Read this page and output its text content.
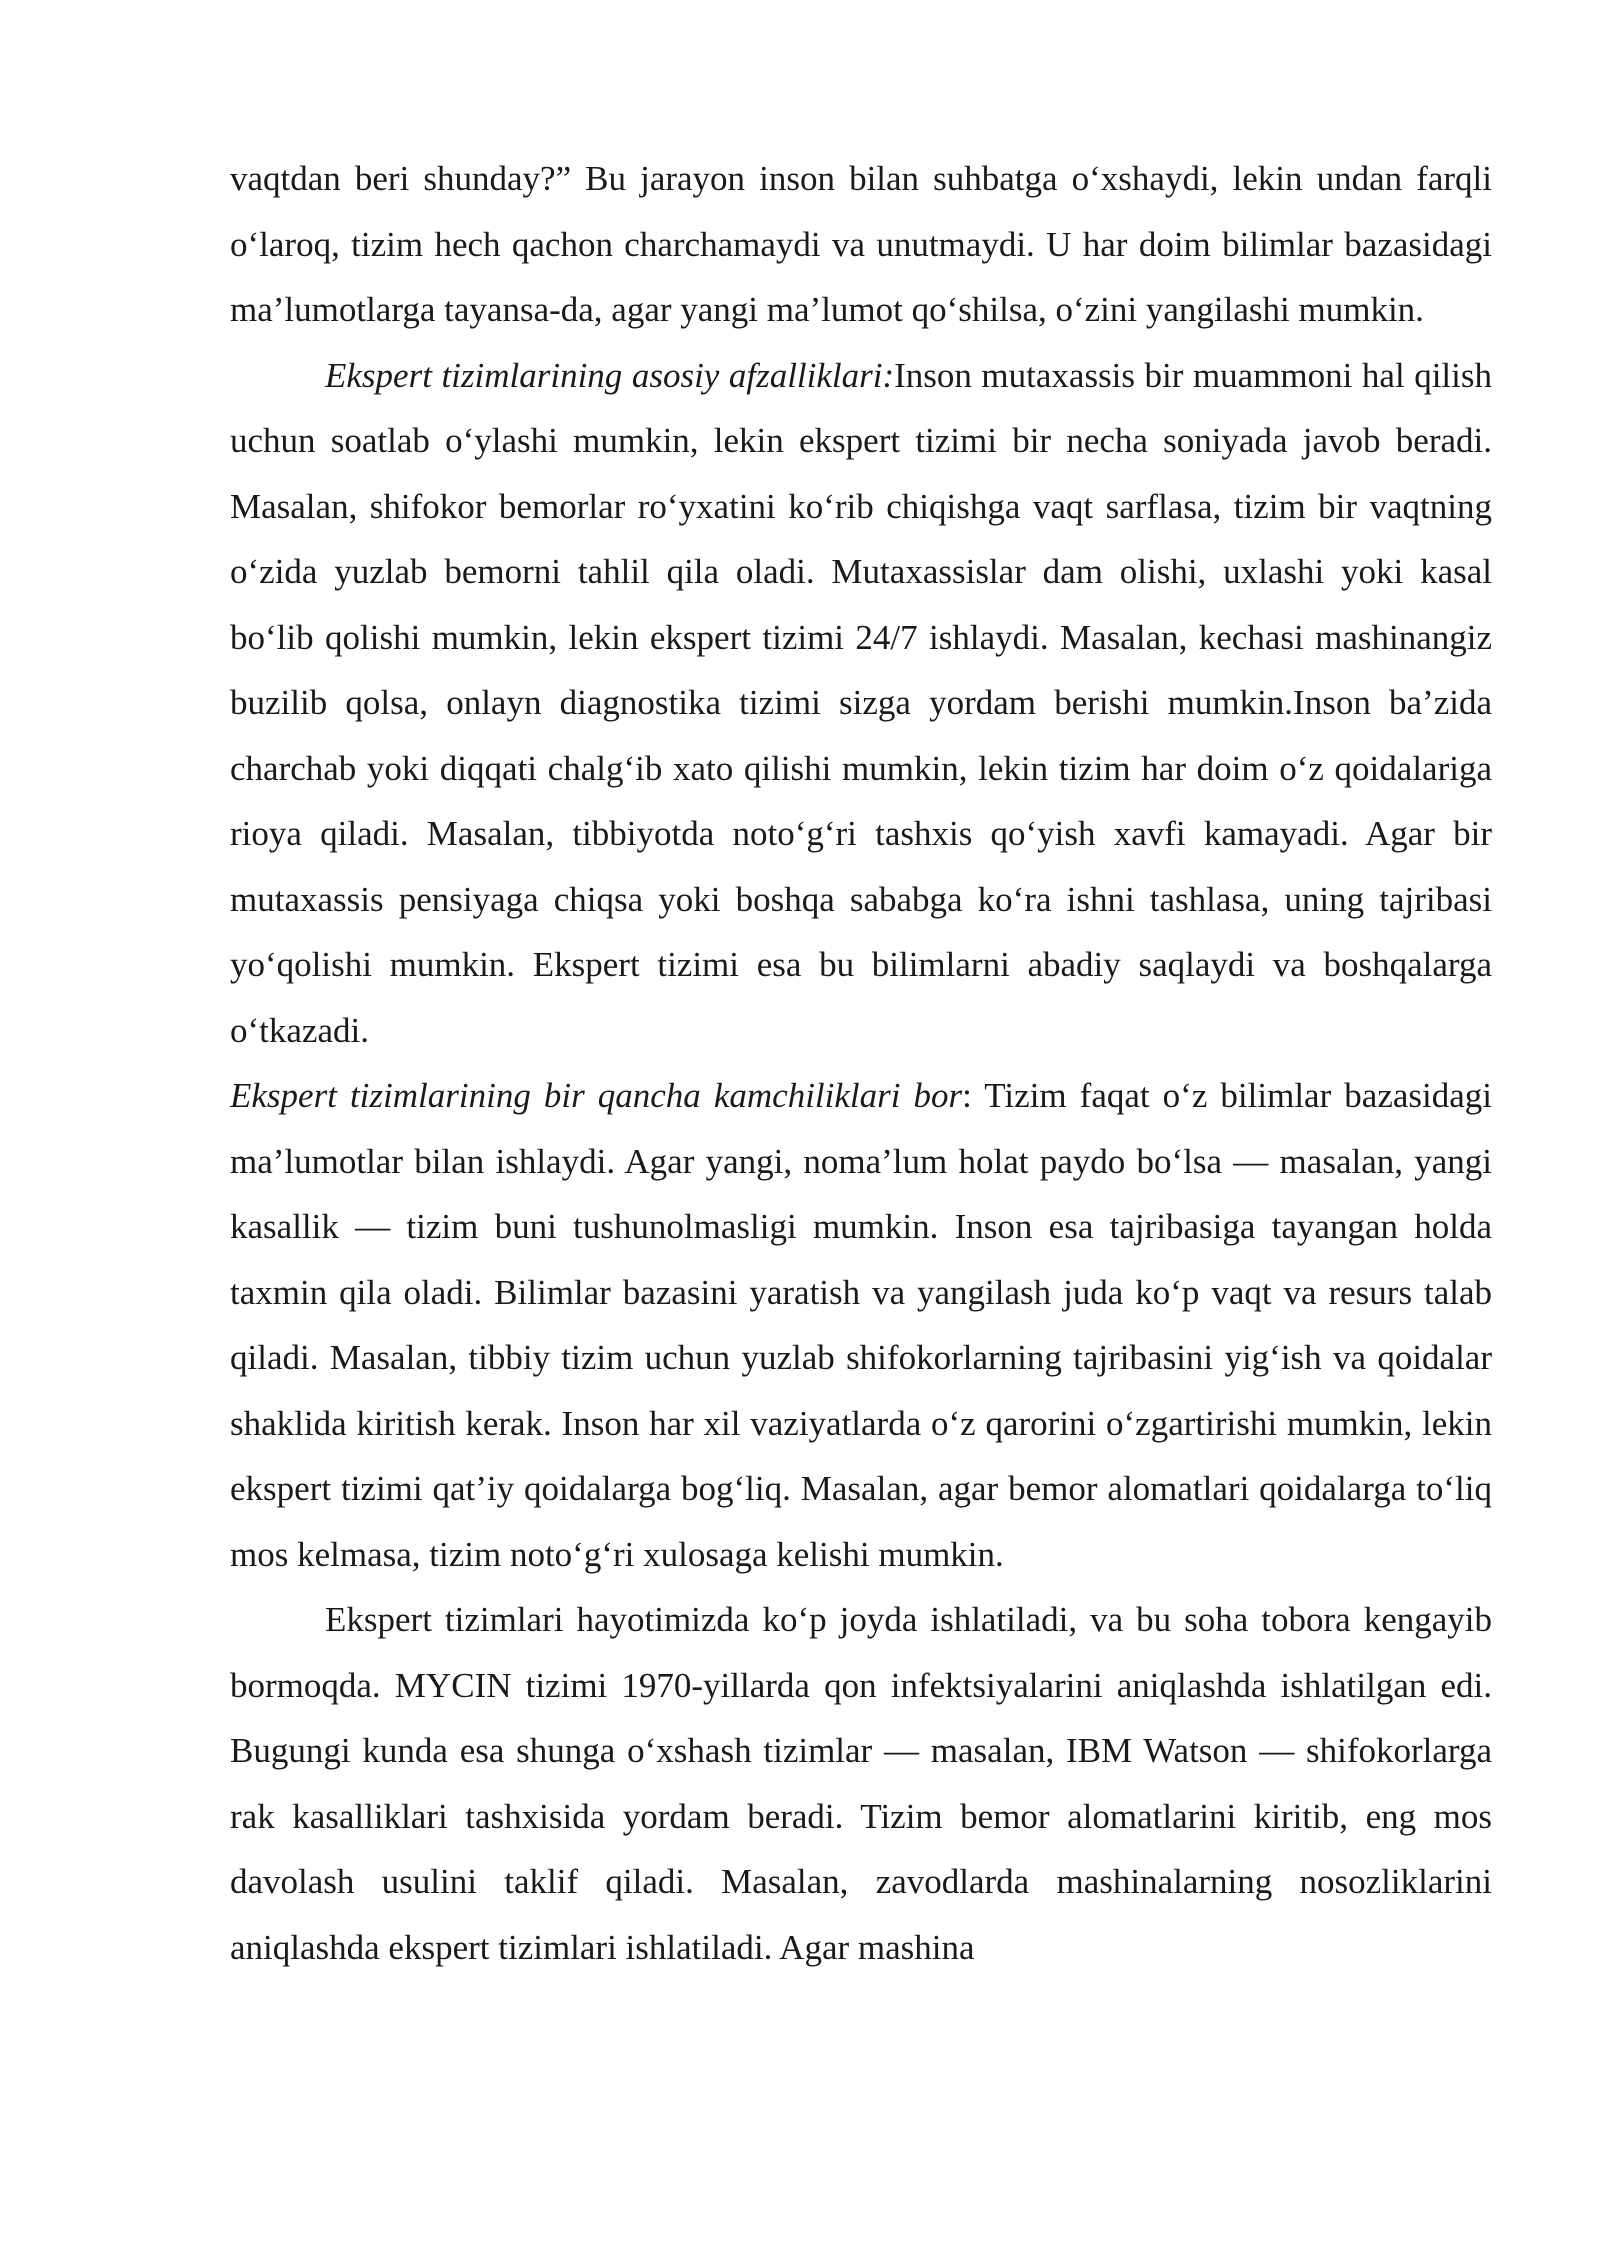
vaqtdan beri shunday?” Bu jarayon inson bilan suhbatga o‘xshaydi, lekin undan farqli o‘laroq, tizim hech qachon charchamaydi va unutmaydi. U har doim bilimlar bazasidagi ma’lumotlarga tayansa-da, agar yangi ma’lumot qo‘shilsa, o‘zini yangilashi mumkin.

Ekspert tizimlarining asosiy afzalliklari:Inson mutaxassis bir muammoni hal qilish uchun soatlab o‘ylashi mumkin, lekin ekspert tizimi bir necha soniyada javob beradi. Masalan, shifokor bemorlar ro‘yxatini ko‘rib chiqishga vaqt sarflasa, tizim bir vaqtning o‘zida yuzlab bemorni tahlil qila oladi. Mutaxassislar dam olishi, uxlashi yoki kasal bo‘lib qolishi mumkin, lekin ekspert tizimi 24/7 ishlaydi. Masalan, kechasi mashinangiz buzilib qolsa, onlayn diagnostika tizimi sizga yordam berishi mumkin.Inson ba’zida charchab yoki diqqati chalg‘ib xato qilishi mumkin, lekin tizim har doim o‘z qoidalariga rioya qiladi. Masalan, tibbiyotda noto‘g‘ri tashxis qo‘yish xavfi kamayadi. Agar bir mutaxassis pensiyaga chiqsa yoki boshqa sababga ko‘ra ishni tashlasa, uning tajribasi yo‘qolishi mumkin. Ekspert tizimi esa bu bilimlarni abadiy saqlaydi va boshqalarga o‘tkazadi.

Ekspert tizimlarining bir qancha kamchiliklari bor: Tizim faqat o‘z bilimlar bazasidagi ma’lumotlar bilan ishlaydi. Agar yangi, noma’lum holat paydo bo‘lsa — masalan, yangi kasallik — tizim buni tushunolmasligi mumkin. Inson esa tajribasiga tayangan holda taxmin qila oladi. Bilimlar bazasini yaratish va yangilash juda ko‘p vaqt va resurs talab qiladi. Masalan, tibbiy tizim uchun yuzlab shifokorlarning tajribasini yig‘ish va qoidalar shaklida kiritish kerak. Inson har xil vaziyatlarda o‘z qarorini o‘zgartirishi mumkin, lekin ekspert tizimi qat’iy qoidalarga bog‘liq. Masalan, agar bemor alomatlari qoidalarga to‘liq mos kelmasa, tizim noto‘g‘ri xulosaga kelishi mumkin.

Ekspert tizimlari hayotimizda ko‘p joyda ishlatiladi, va bu soha tobora kengayib bormoqda. MYCIN tizimi 1970-yillarda qon infektsiyalarini aniqlashda ishlatilgan edi. Bugungi kunda esa shunga o‘xshash tizimlar — masalan, IBM Watson — shifokorlarga rak kasalliklari tashxisida yordam beradi. Tizim bemor alomatlarini kiritib, eng mos davolash usulini taklif qiladi. Masalan, zavodlarda mashinalarning nosozliklarini aniqlashda ekspert tizimlari ishlatiladi. Agar mashina
